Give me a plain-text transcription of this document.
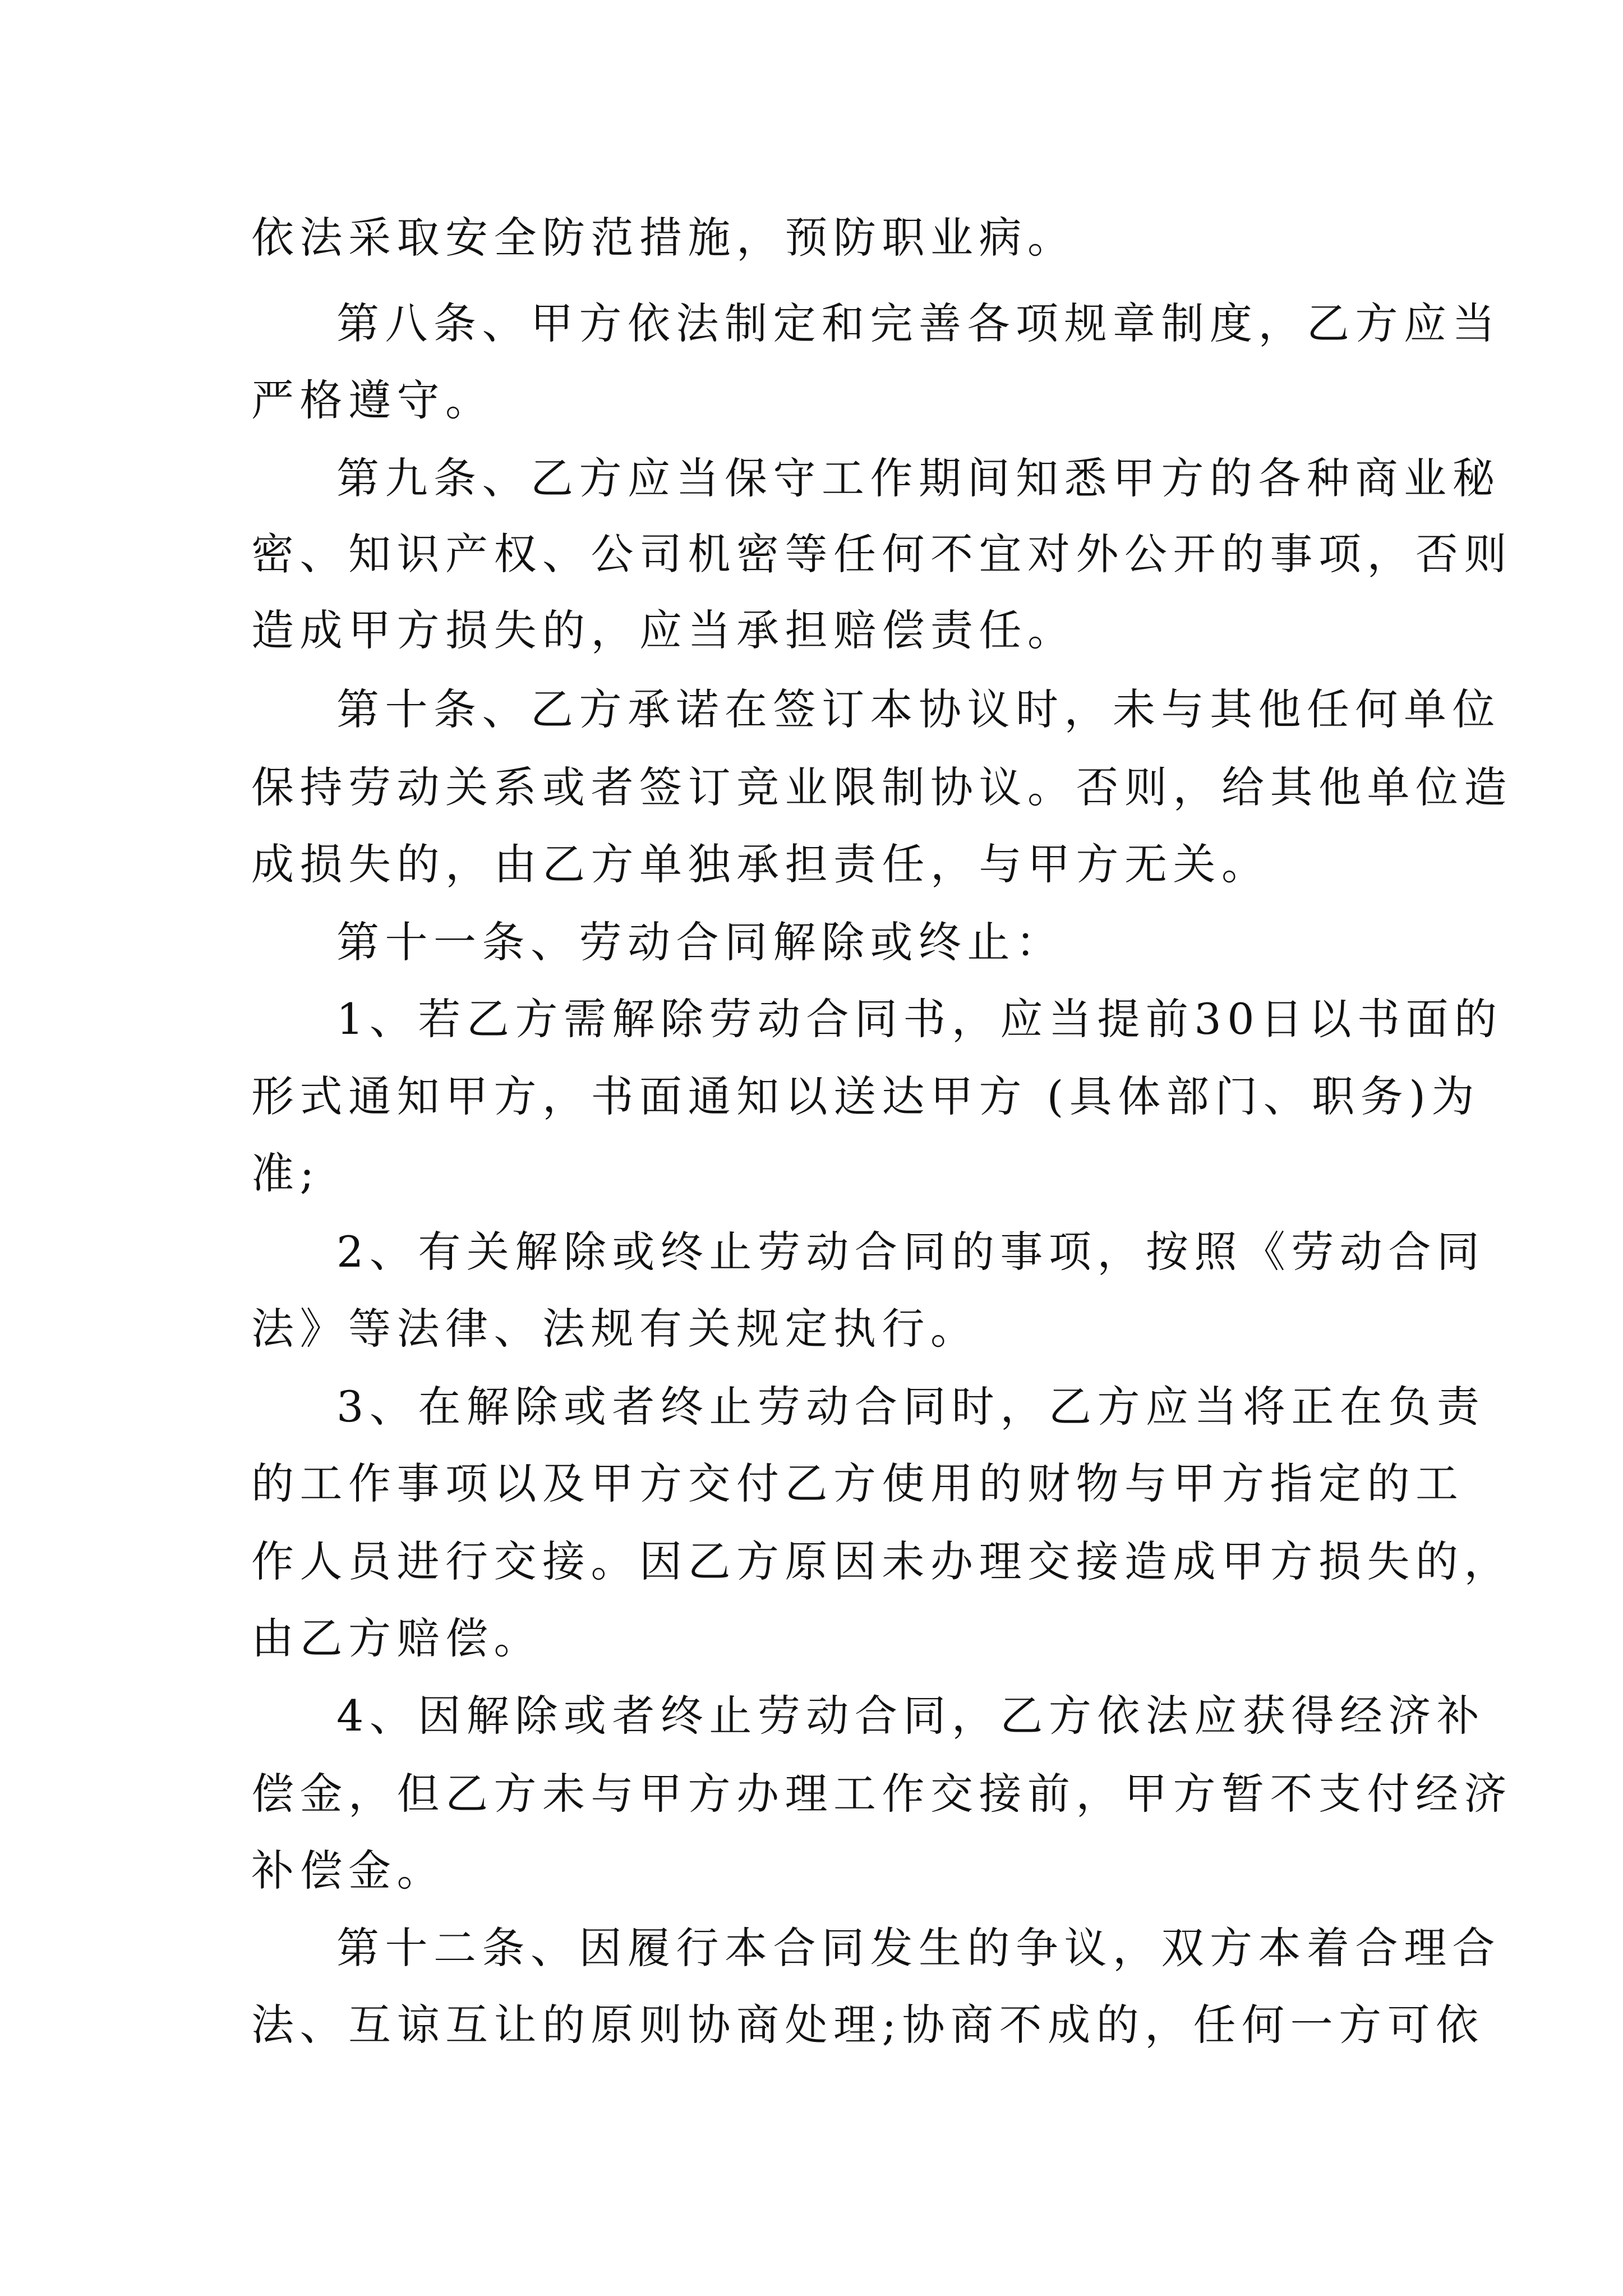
依法采取安全防范措施，预防职业病。
第八条、甲方依法制定和完善各项规章制度，乙方应当
严格遵守。
第九条、乙方应当保守工作期间知悉甲方的各种商业秘
密、知识产权、公司机密等任何不宜对外公开的事项，否则
造成甲方损失的，应当承担赔偿责任。
第十条、乙方承诺在签订本协议时，未与其他任何单位
保持劳动关系或者签订竞业限制协议。否则，给其他单位造
成损失的，由乙方单独承担责任，与甲方无关。
第十一条、劳动合同解除或终止：
1、若乙方需解除劳动合同书，应当提前30日以书面的
形式通知甲方，书面通知以送达甲方 (具体部门、职务)为
准;
2、有关解除或终止劳动合同的事项，按照《劳动合同
法》等法律、法规有关规定执行。
3、在解除或者终止劳动合同时，乙方应当将正在负责
的工作事项以及甲方交付乙方使用的财物与甲方指定的工
作人员进行交接。因乙方原因未办理交接造成甲方损失的，
由乙方赔偿。
4、因解除或者终止劳动合同，乙方依法应获得经济补
偿金，但乙方未与甲方办理工作交接前，甲方暂不支付经济
补偿金。
第十二条、因履行本合同发生的争议，双方本着合理合
法、互谅互让的原则协商处理;协商不成的，任何一方可依
